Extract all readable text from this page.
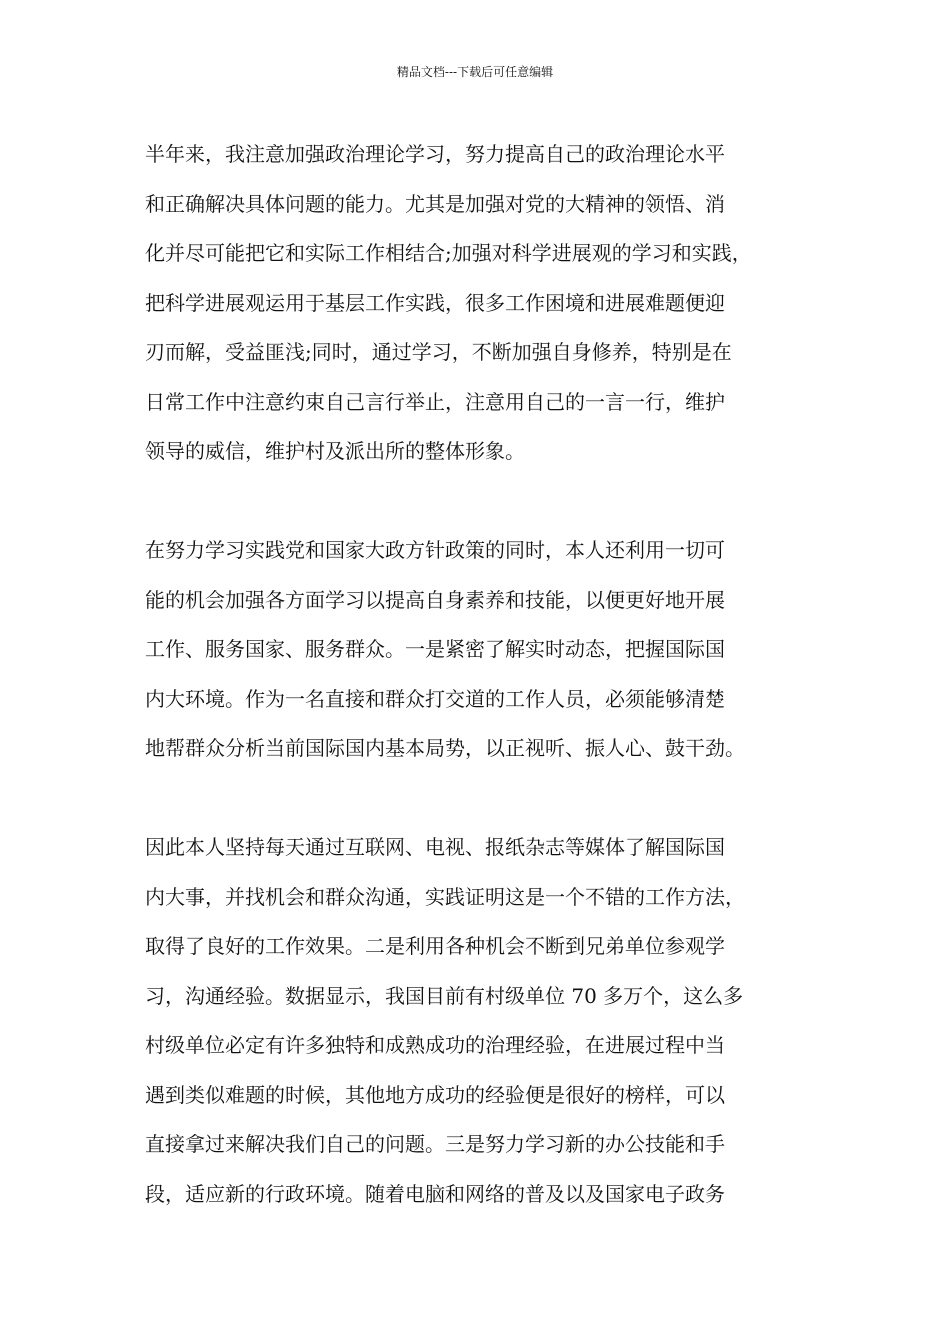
精品文档---下载后可任意编辑
半年来，我注意加强政治理论学习，努力提高自己的政治理论水平
和正确解决具体问题的能力。尤其是加强对党的大精神的领悟、消
化并尽可能把它和实际工作相结合;加强对科学进展观的学习和实践，
把科学进展观运用于基层工作实践，很多工作困境和进展难题便迎
刃而解，受益匪浅;同时，通过学习，不断加强自身修养，特别是在
日常工作中注意约束自己言行举止，注意用自己的一言一行，维护
领导的威信，维护村及派出所的整体形象。
在努力学习实践党和国家大政方针政策的同时，本人还利用一切可
能的机会加强各方面学习以提高自身素养和技能，以便更好地开展
工作、服务国家、服务群众。一是紧密了解实时动态，把握国际国
内大环境。作为一名直接和群众打交道的工作人员，必须能够清楚
地帮群众分析当前国际国内基本局势，以正视听、振人心、鼓干劲。
因此本人坚持每天通过互联网、电视、报纸杂志等媒体了解国际国
内大事，并找机会和群众沟通，实践证明这是一个不错的工作方法，
取得了良好的工作效果。二是利用各种机会不断到兄弟单位参观学
习，沟通经验。数据显示，我国目前有村级单位 70 多万个，这么多
村级单位必定有许多独特和成熟成功的治理经验，在进展过程中当
遇到类似难题的时候，其他地方成功的经验便是很好的榜样，可以
直接拿过来解决我们自己的问题。三是努力学习新的办公技能和手
段，适应新的行政环境。随着电脑和网络的普及以及国家电子政务
